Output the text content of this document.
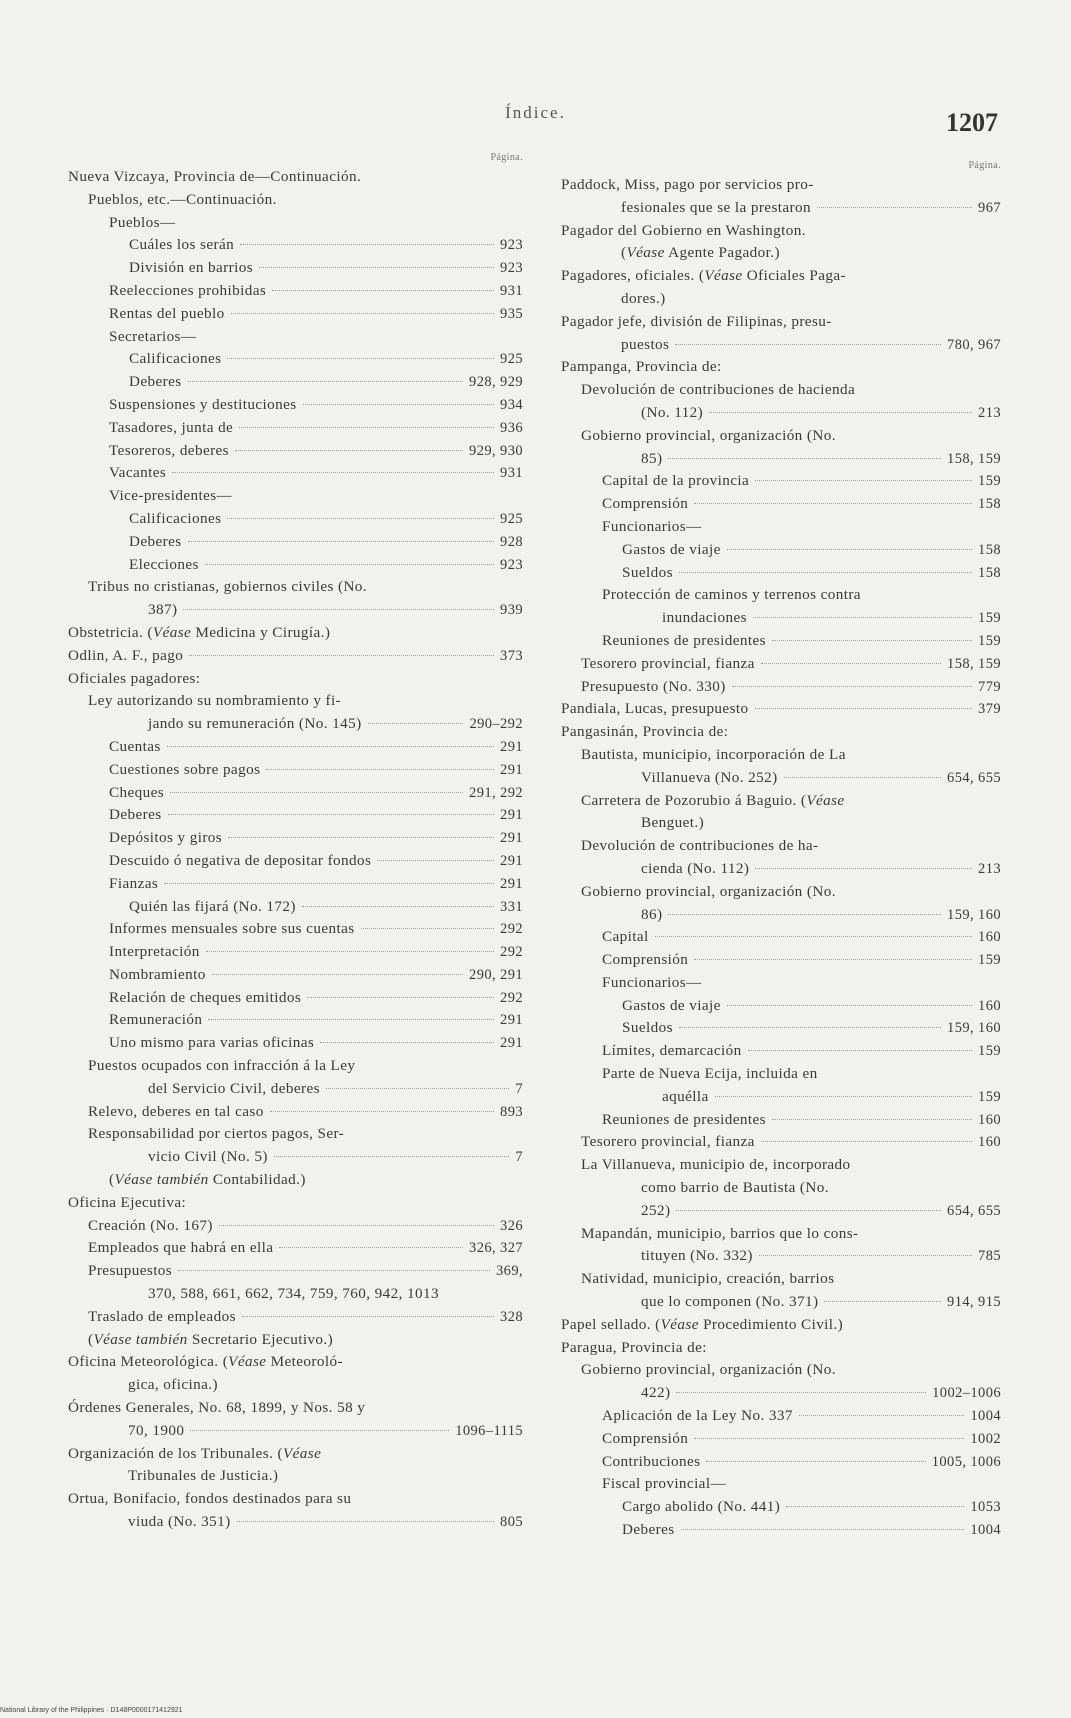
Índice.	1207
Página.
Nueva Vizcaya, Provincia de—Continuación.
Pueblos, etc.—Continuación.
Pueblos—
Cuáles los serán	923
División en barrios	923
Reelecciones prohibidas	931
Rentas del pueblo	935
Secretarios—
Calificaciones	925
Deberes	928, 929
Suspensiones y destituciones	934
Tasadores, junta de	936
Tesoreros, deberes	929, 930
Vacantes	931
Vice-presidentes—
Calificaciones	925
Deberes	928
Elecciones	923
Tribus no cristianas, gobiernos civiles (No.
387)	939
Obstetricia. (Véase Medicina y Cirugía.)
Odlin, A. F., pago	373
Oficiales pagadores:
Ley autorizando su nombramiento y fi-
jando su remuneración (No. 145)	290–292
Cuentas	291
Cuestiones sobre pagos	291
Cheques	291, 292
Deberes	291
Depósitos y giros	291
Descuido ó negativa de depositar fondos	291
Fianzas	291
Quién las fijará (No. 172)	331
Informes mensuales sobre sus cuentas	292
Interpretación	292
Nombramiento	290, 291
Relación de cheques emitidos	292
Remuneración	291
Uno mismo para varias oficinas	291
Puestos ocupados con infracción á la Ley
del Servicio Civil, deberes	7
Relevo, deberes en tal caso	893
Responsabilidad por ciertos pagos, Ser-
vicio Civil (No. 5)	7
(Véase también Contabilidad.)
Oficina Ejecutiva:
Creación (No. 167)	326
Empleados que habrá en ella	326, 327
Presupuestos	369,
370, 588, 661, 662, 734, 759, 760, 942, 1013
Traslado de empleados	328
(Véase también Secretario Ejecutivo.)
Oficina Meteorológica. (Véase Meteoroló-
gica, oficina.)
Órdenes Generales, No. 68, 1899, y Nos. 58 y
70, 1900	1096–1115
Organización de los Tribunales. (Véase
Tribunales de Justicia.)
Ortua, Bonifacio, fondos destinados para su
viuda (No. 351)	805
Página.
Paddock, Miss, pago por servicios pro-
fesionales que se la prestaron	967
Pagador del Gobierno en Washington.
(Véase Agente Pagador.)
Pagadores, oficiales. (Véase Oficiales Paga-
dores.)
Pagador jefe, división de Filipinas, presu-
puestos	780, 967
Pampanga, Provincia de:
Devolución de contribuciones de hacienda
(No. 112)	213
Gobierno provincial, organización (No.
85)	158, 159
Capital de la provincia	159
Comprensión	158
Funcionarios—
Gastos de viaje	158
Sueldos	158
Protección de caminos y terrenos contra
inundaciones	159
Reuniones de presidentes	159
Tesorero provincial, fianza	158, 159
Presupuesto (No. 330)	779
Pandiala, Lucas, presupuesto	379
Pangasinán, Provincia de:
Bautista, municipio, incorporación de La
Villanueva (No. 252)	654, 655
Carretera de Pozorubio á Baguio. (Véase
Benguet.)
Devolución de contribuciones de ha-
cienda (No. 112)	213
Gobierno provincial, organización (No.
86)	159, 160
Capital	160
Comprensión	159
Funcionarios—
Gastos de viaje	160
Sueldos	159, 160
Límites, demarcación	159
Parte de Nueva Ecija, incluida en
aquélla	159
Reuniones de presidentes	160
Tesorero provincial, fianza	160
La Villanueva, municipio de, incorporado
como barrio de Bautista (No.
252)	654, 655
Mapandán, municipio, barrios que lo cons-
tituyen (No. 332)	785
Natividad, municipio, creación, barrios
que lo componen (No. 371)	914, 915
Papel sellado. (Véase Procedimiento Civil.)
Paragua, Provincia de:
Gobierno provincial, organización (No.
422)	1002–1006
Aplicación de la Ley No. 337	1004
Comprensión	1002
Contribuciones	1005, 1006
Fiscal provincial—
Cargo abolido (No. 441)	1053
Deberes	1004
National Library of the Philippines · D148P0000171412921
